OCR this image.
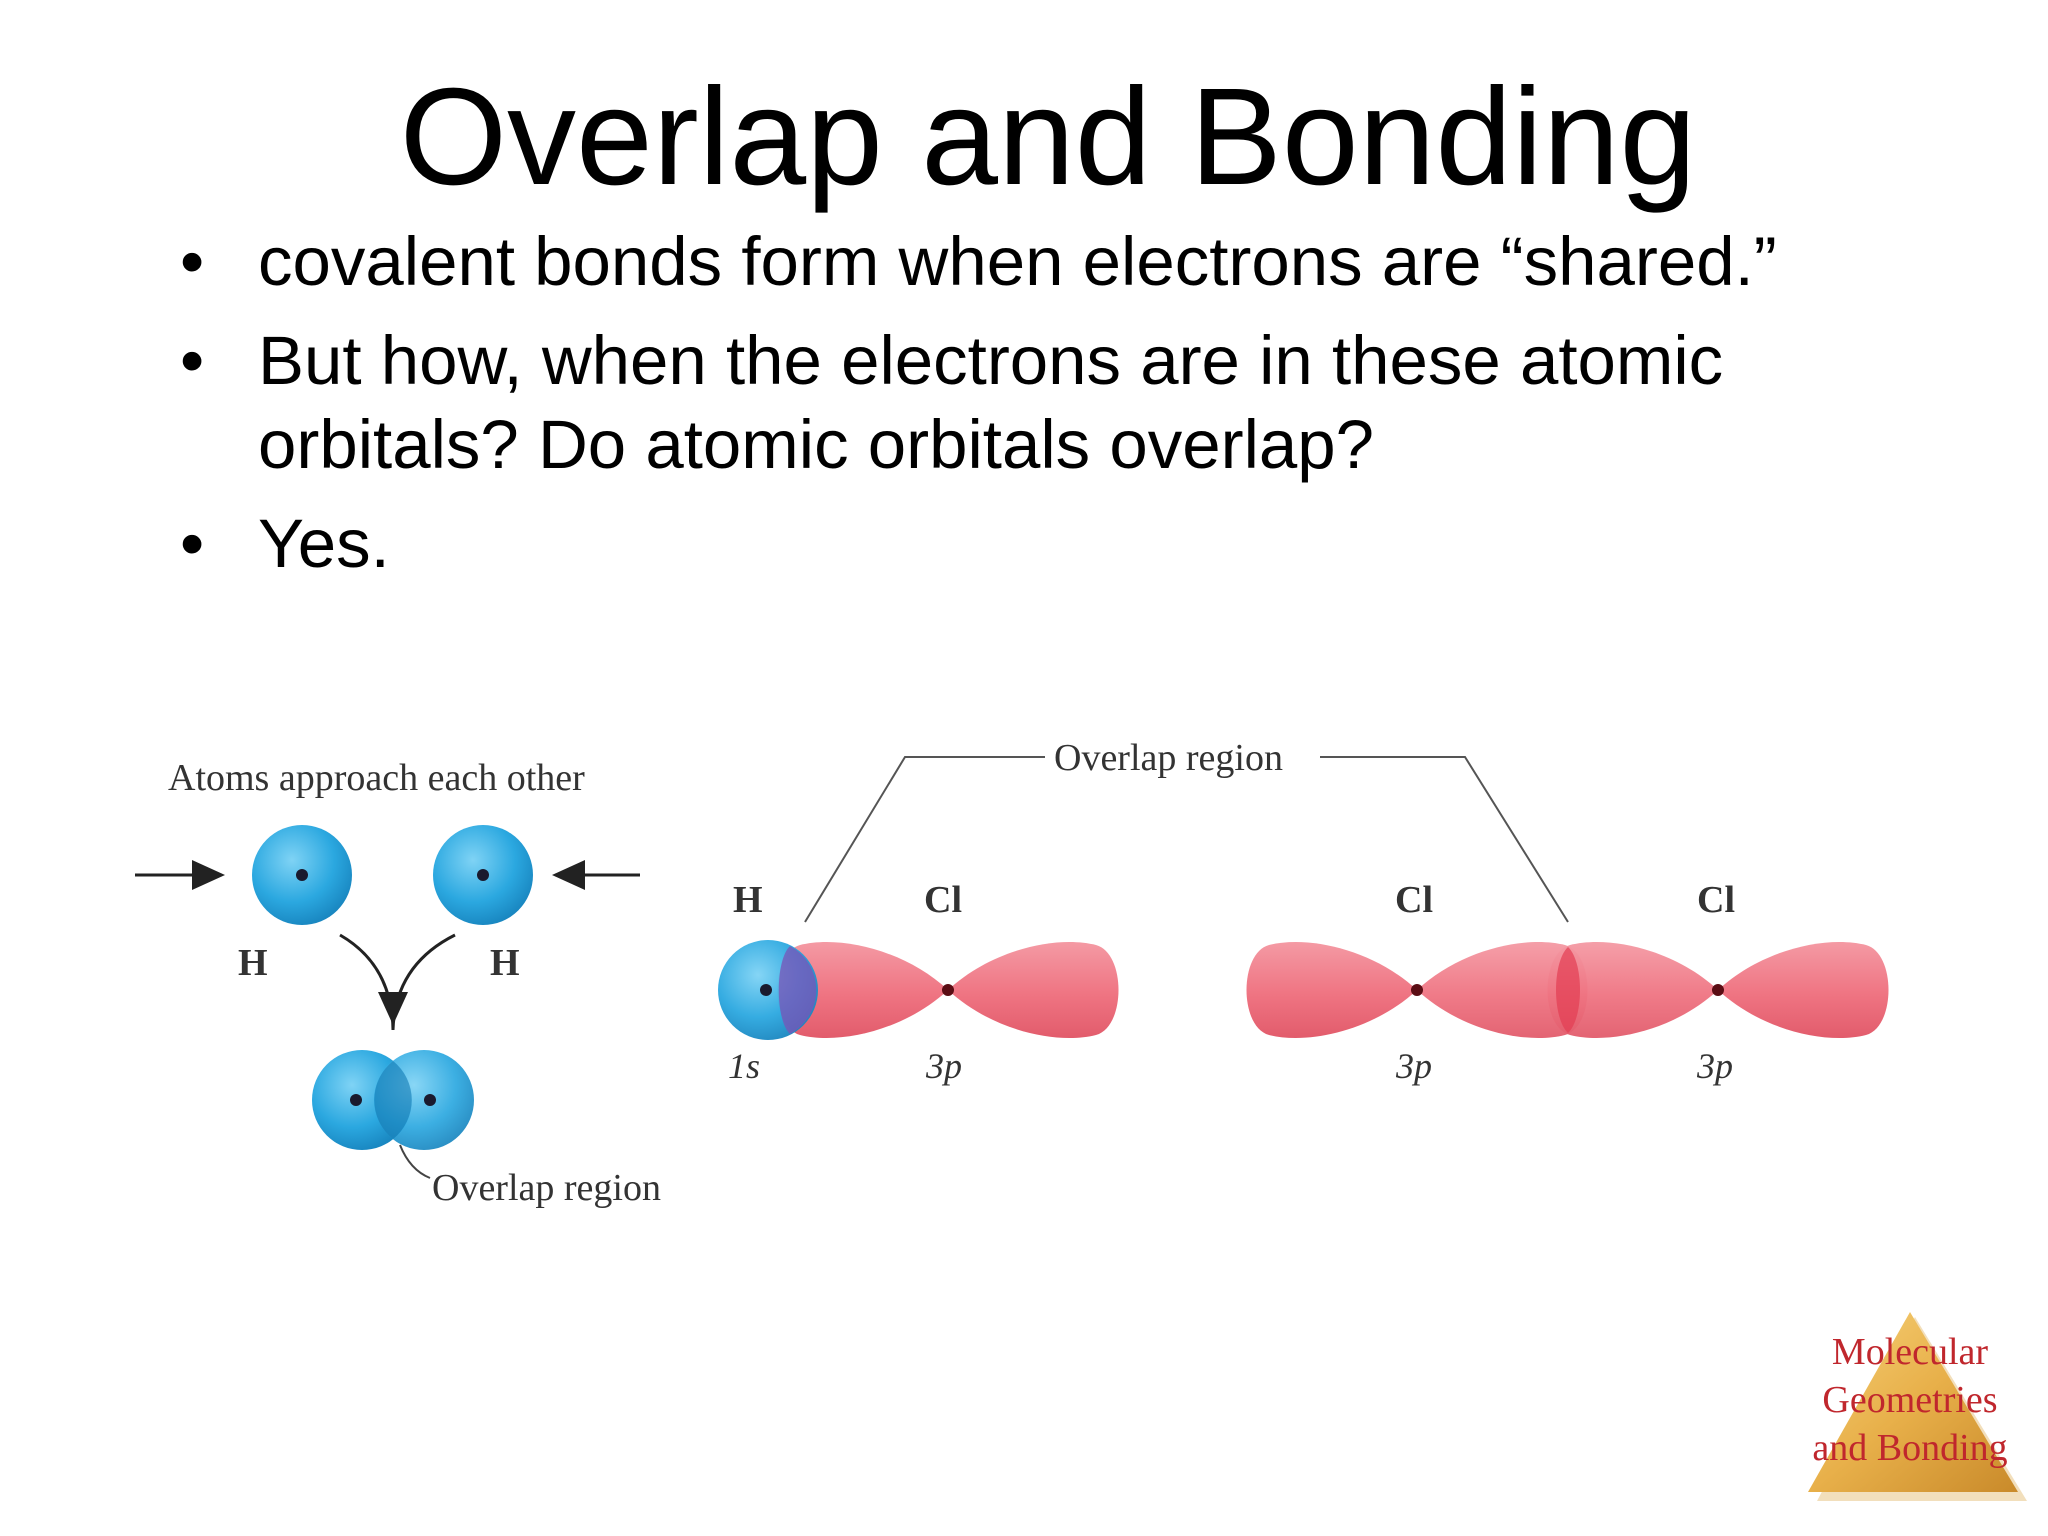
Overlap and Bonding
• covalent bonds form when electrons are “shared.”
• But how, when the electrons are in these atomic orbitals? Do atomic orbitals overlap?
• Yes.
Atoms approach each other
H	H
Overlap region
Overlap region
H	Cl
1s	3p
Cl	Cl
3p	3p
Molecular
Geometries
and Bonding
